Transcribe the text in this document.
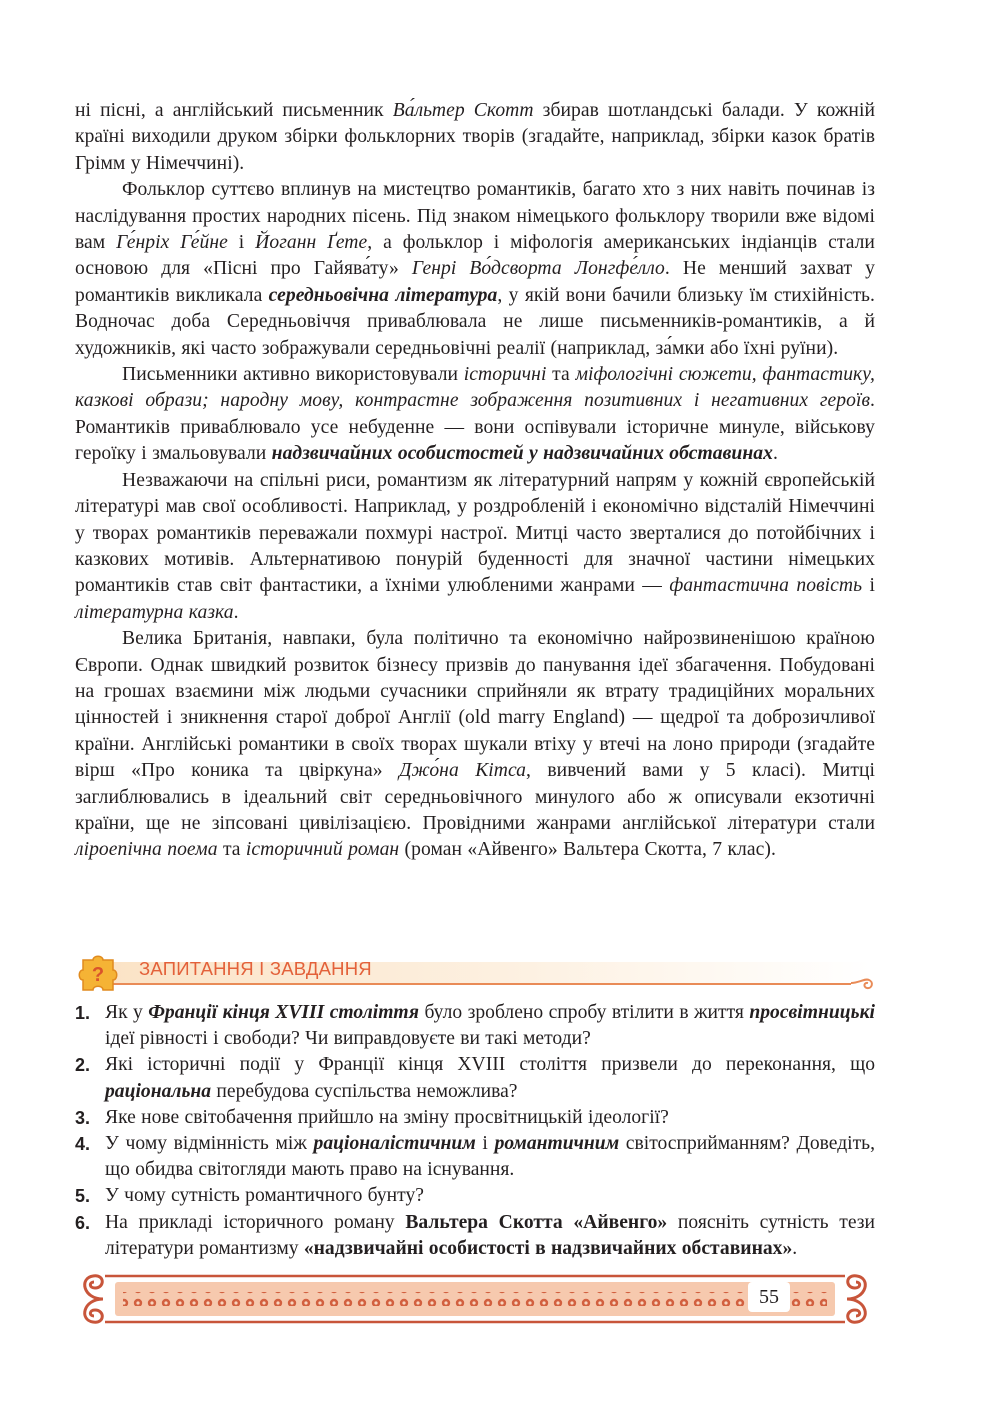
ні пісні, а англійський письменник Ва́льтер Скотт збирав шотландські балади. У кожній країні виходили друком збірки фольклорних творів (згадайте, наприклад, збірки казок братів Грімм у Німеччині).

Фольклор суттєво вплинув на мистецтво романтиків, багато хто з них навіть починав із наслідування простих народних пісень. Під знаком німецького фольклору творили вже відомі вам Ге́нріх Ге́йне і Йоганн Ґете, а фольклор і міфологія американських індіанців стали основою для «Пісні про Гайява́ту» Генрі Во́дсворта Лонгфе́лло. Не менший захват у романтиків викликала середньовічна література, у якій вони бачили близьку їм стихійність. Водночас доба Середньовіччя приваблювала не лише письменників-романтиків, а й художників, які часто зображували середньовічні реалії (наприклад, за́мки або їхні руїни).

Письменники активно використовували історичні та міфологічні сюжети, фантастику, казкові образи; народну мову, контрастне зображення позитивних і негативних героїв. Романтиків приваблювало усе небуденне — вони оспівували історичне минуле, військову героїку і змальовували надзвичайних особистостей у надзвичайних обставинах.

Незважаючи на спільні риси, романтизм як літературний напрям у кожній європейській літературі мав свої особливості. Наприклад, у роздробленій і економічно відсталій Німеччині у творах романтиків переважали похмурі настрої. Митці часто зверталися до потойбічних і казкових мотивів. Альтернативою понурій буденності для значної частини німецьких романтиків став світ фантастики, а їхніми улюбленими жанрами — фантастична повість і літературна казка.

Велика Британія, навпаки, була політично та економічно найрозвиненішою країною Європи. Однак швидкий розвиток бізнесу призвів до панування ідеї збагачення. Побудовані на грошах взаємини між людьми сучасники сприйняли як втрату традиційних моральних цінностей і зникнення старої доброї Англії (old marry England) — щедрої та доброзичливої країни. Англійські романтики в своїх творах шукали втіху у втечі на лоно природи (згадайте вірш «Про коника та цвіркуна» Джо́на Кітса, вивчений вами у 5 класі). Митці заглиблювались в ідеальний світ середньовічного минулого або ж описували екзотичні країни, ще не зіпсовані цивілізацією. Провідними жанрами англійської літератури стали ліроепічна поема та історичний роман (роман «Айвенго» Вальтера Скотта, 7 клас).

? ЗАПИТАННЯ І ЗАВДАННЯ
1. Як у Франції кінця XVIII століття було зроблено спробу втілити в життя просвітницькі ідеї рівності і свободи? Чи виправдовуєте ви такі методи?
2. Які історичні події у Франції кінця XVIII століття призвели до переконання, що раціональна перебудова суспільства неможлива?
3. Яке нове світобачення прийшло на зміну просвітницькій ідеології?
4. У чому відмінність між раціоналістичним і романтичним світосприйманням? Доведіть, що обидва світогляди мають право на існування.
5. У чому сутність романтичного бунту?
6. На прикладі історичного роману Вальтера Скотта «Айвенго» поясніть сутність тези літератури романтизму «надзвичайні особистості в надзвичайних обставинах».
55
